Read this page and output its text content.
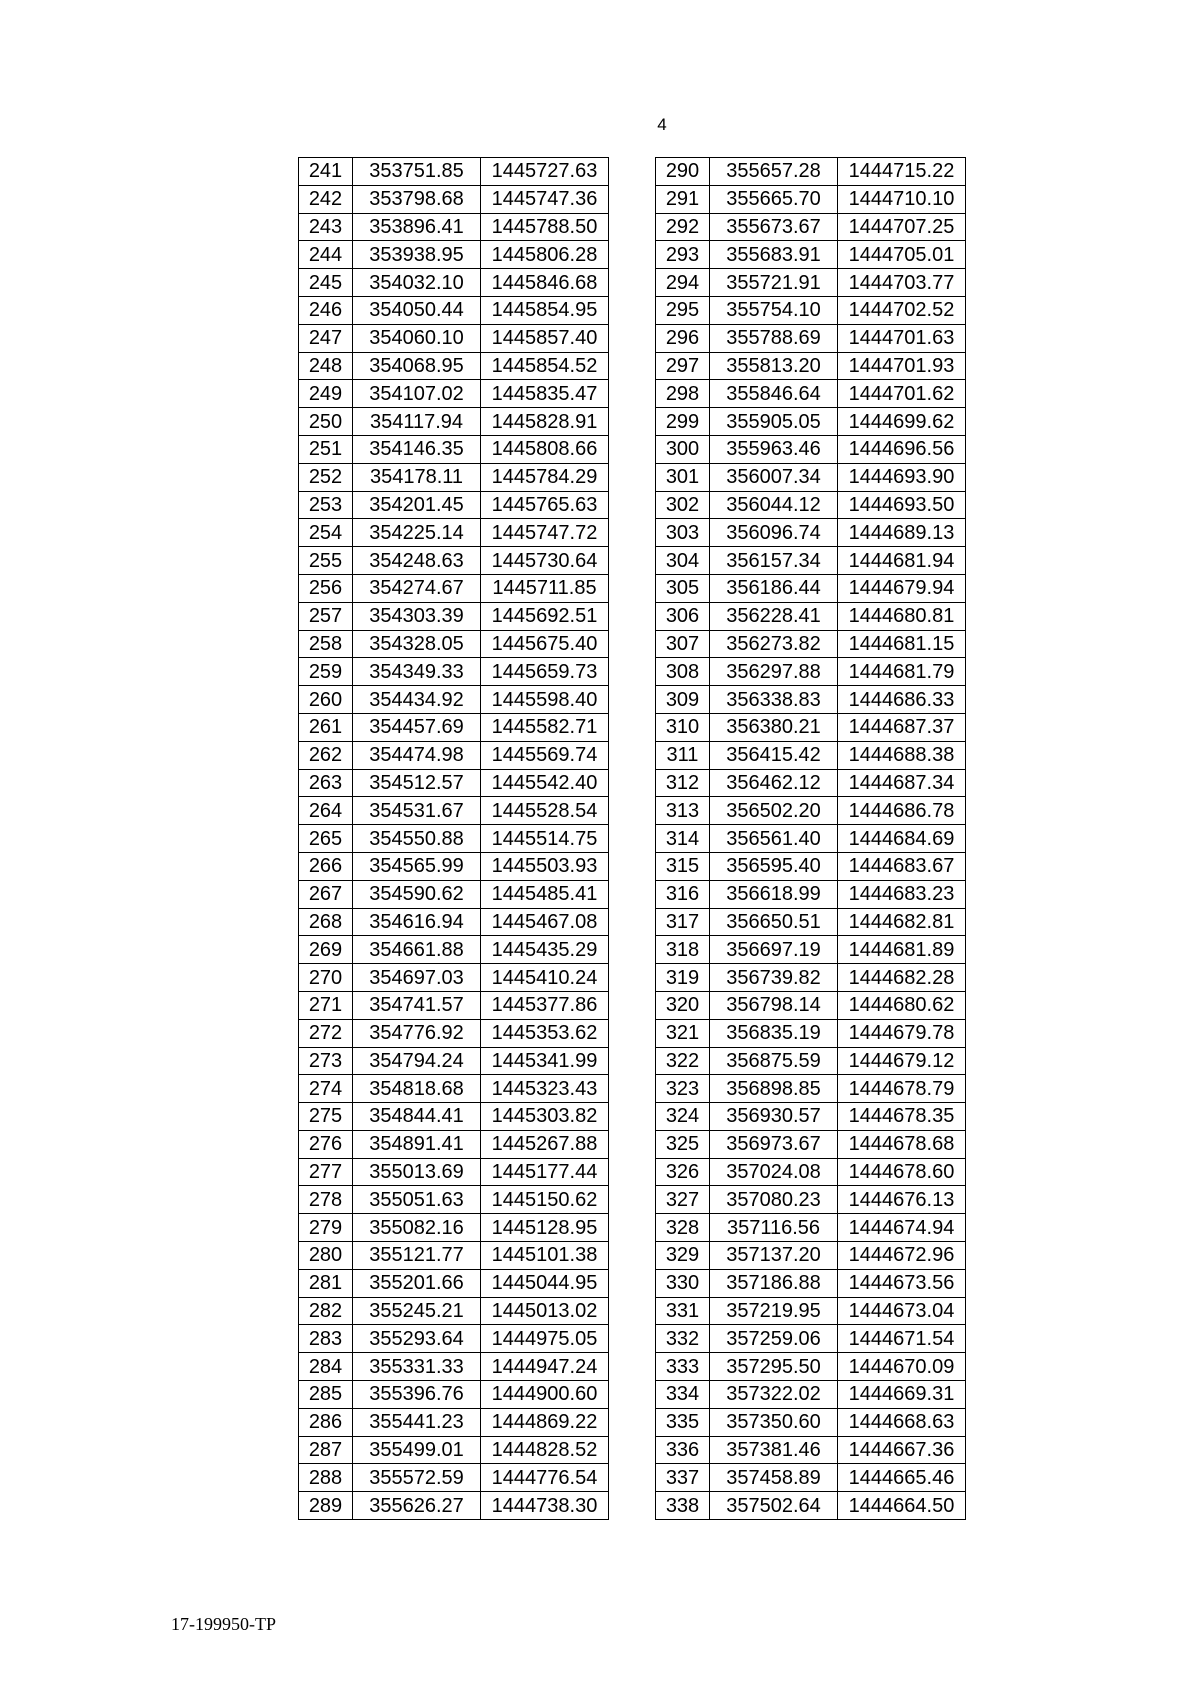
4
241	353751.85	1445727.63
242	353798.68	1445747.36
243	353896.41	1445788.50
244	353938.95	1445806.28
245	354032.10	1445846.68
246	354050.44	1445854.95
247	354060.10	1445857.40
248	354068.95	1445854.52
249	354107.02	1445835.47
250	354117.94	1445828.91
251	354146.35	1445808.66
252	354178.11	1445784.29
253	354201.45	1445765.63
254	354225.14	1445747.72
255	354248.63	1445730.64
256	354274.67	1445711.85
257	354303.39	1445692.51
258	354328.05	1445675.40
259	354349.33	1445659.73
260	354434.92	1445598.40
261	354457.69	1445582.71
262	354474.98	1445569.74
263	354512.57	1445542.40
264	354531.67	1445528.54
265	354550.88	1445514.75
266	354565.99	1445503.93
267	354590.62	1445485.41
268	354616.94	1445467.08
269	354661.88	1445435.29
270	354697.03	1445410.24
271	354741.57	1445377.86
272	354776.92	1445353.62
273	354794.24	1445341.99
274	354818.68	1445323.43
275	354844.41	1445303.82
276	354891.41	1445267.88
277	355013.69	1445177.44
278	355051.63	1445150.62
279	355082.16	1445128.95
280	355121.77	1445101.38
281	355201.66	1445044.95
282	355245.21	1445013.02
283	355293.64	1444975.05
284	355331.33	1444947.24
285	355396.76	1444900.60
286	355441.23	1444869.22
287	355499.01	1444828.52
288	355572.59	1444776.54
289	355626.27	1444738.30
290	355657.28	1444715.22
291	355665.70	1444710.10
292	355673.67	1444707.25
293	355683.91	1444705.01
294	355721.91	1444703.77
295	355754.10	1444702.52
296	355788.69	1444701.63
297	355813.20	1444701.93
298	355846.64	1444701.62
299	355905.05	1444699.62
300	355963.46	1444696.56
301	356007.34	1444693.90
302	356044.12	1444693.50
303	356096.74	1444689.13
304	356157.34	1444681.94
305	356186.44	1444679.94
306	356228.41	1444680.81
307	356273.82	1444681.15
308	356297.88	1444681.79
309	356338.83	1444686.33
310	356380.21	1444687.37
311	356415.42	1444688.38
312	356462.12	1444687.34
313	356502.20	1444686.78
314	356561.40	1444684.69
315	356595.40	1444683.67
316	356618.99	1444683.23
317	356650.51	1444682.81
318	356697.19	1444681.89
319	356739.82	1444682.28
320	356798.14	1444680.62
321	356835.19	1444679.78
322	356875.59	1444679.12
323	356898.85	1444678.79
324	356930.57	1444678.35
325	356973.67	1444678.68
326	357024.08	1444678.60
327	357080.23	1444676.13
328	357116.56	1444674.94
329	357137.20	1444672.96
330	357186.88	1444673.56
331	357219.95	1444673.04
332	357259.06	1444671.54
333	357295.50	1444670.09
334	357322.02	1444669.31
335	357350.60	1444668.63
336	357381.46	1444667.36
337	357458.89	1444665.46
338	357502.64	1444664.50
17-199950-TP
